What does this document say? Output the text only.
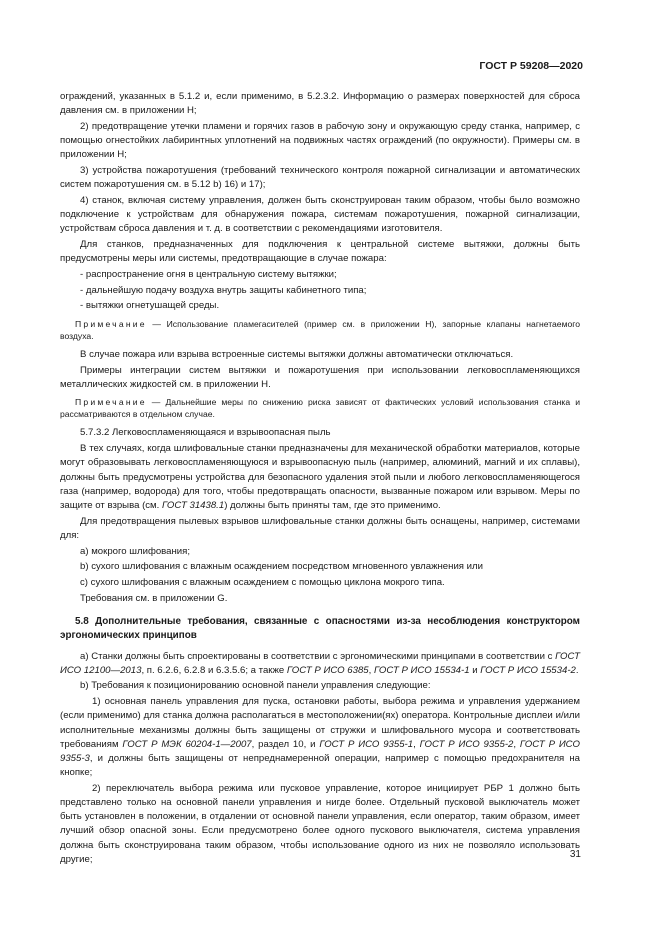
ГОСТ Р 59208—2020

ограждений, указанных в 5.1.2 и, если применимо, в 5.2.3.2. Информацию о размерах поверхностей для сброса давления см. в приложении H;

2) предотвращение утечки пламени и горячих газов в рабочую зону и окружающую среду станка, например, с помощью огнестойких лабиринтных уплотнений на подвижных частях ограждений (по окружности). Примеры см. в приложении H;

3) устройства пожаротушения (требований технического контроля пожарной сигнализации и автоматических систем пожаротушения см. в 5.12 b) 16) и 17);

4) станок, включая систему управления, должен быть сконструирован таким образом, чтобы было возможно подключение к устройствам для обнаружения пожара, системам пожаротушения, пожарной сигнализации, устройствам сброса давления и т. д. в соответствии с рекомендациями изготовителя.

Для станков, предназначенных для подключения к центральной системе вытяжки, должны быть предусмотрены меры или системы, предотвращающие в случае пожара:

- распространение огня в центральную систему вытяжки;

- дальнейшую подачу воздуха внутрь защиты кабинетного типа;

- вытяжки огнетушащей среды.

Примечание — Использование пламегасителей (пример см. в приложении H), запорные клапаны нагнетаемого воздуха.

В случае пожара или взрыва встроенные системы вытяжки должны автоматически отключаться.

Примеры интеграции систем вытяжки и пожаротушения при использовании легковоспламеняющихся металлических жидкостей см. в приложении H.

Примечание — Дальнейшие меры по снижению риска зависят от фактических условий использования станка и рассматриваются в отдельном случае.

5.7.3.2 Легковоспламеняющаяся и взрывоопасная пыль

В тех случаях, когда шлифовальные станки предназначены для механической обработки материалов, которые могут образовывать легковоспламеняющуюся и взрывоопасную пыль (например, алюминий, магний и их сплавы), должны быть предусмотрены устройства для безопасного удаления этой пыли и любого легковоспламеняющегося газа (например, водорода) для того, чтобы предотвращать опасности, вызванные пожаром или взрывом. Меры по защите от взрыва (см. ГОСТ 31438.1) должны быть приняты там, где это применимо.

Для предотвращения пылевых взрывов шлифовальные станки должны быть оснащены, например, системами для:

a) мокрого шлифования;

b) сухого шлифования с влажным осаждением посредством мгновенного увлажнения или

c) сухого шлифования с влажным осаждением с помощью циклона мокрого типа.

Требования см. в приложении G.

5.8 Дополнительные требования, связанные с опасностями из-за несоблюдения конструктором эргономических принципов

a) Станки должны быть спроектированы в соответствии с эргономическими принципами в соответствии с ГОСТ ИСО 12100—2013, п. 6.2.6, 6.2.8 и 6.3.5.6; а также ГОСТ Р ИСО 6385, ГОСТ Р ИСО 15534-1 и ГОСТ Р ИСО 15534-2.

b) Требования к позиционированию основной панели управления следующие:

1) основная панель управления для пуска, остановки работы, выбора режима и управления удержанием (если применимо) для станка должна располагаться в местоположении(ях) оператора. Контрольные дисплеи и/или исполнительные механизмы должны быть защищены от стружки и шлифовального мусора и соответствовать требованиям ГОСТ Р МЭК 60204-1—2007, раздел 10, и ГОСТ Р ИСО 9355-1, ГОСТ Р ИСО 9355-2, ГОСТ Р ИСО 9355-3, и должны быть защищены от непреднамеренной операции, например с помощью предохранителя на кнопке;

2) переключатель выбора режима или пусковое управление, которое инициирует РБР 1 должно быть представлено только на основной панели управления и нигде более. Отдельный пусковой выключатель может быть установлен в положении, в отдалении от основной панели управления, если оператор, таким образом, имеет лучший обзор опасной зоны. Если предусмотрено более одного пускового выключателя, система управления должна быть сконструирована таким образом, чтобы использование одного из них не позволяло использовать другие;	31
